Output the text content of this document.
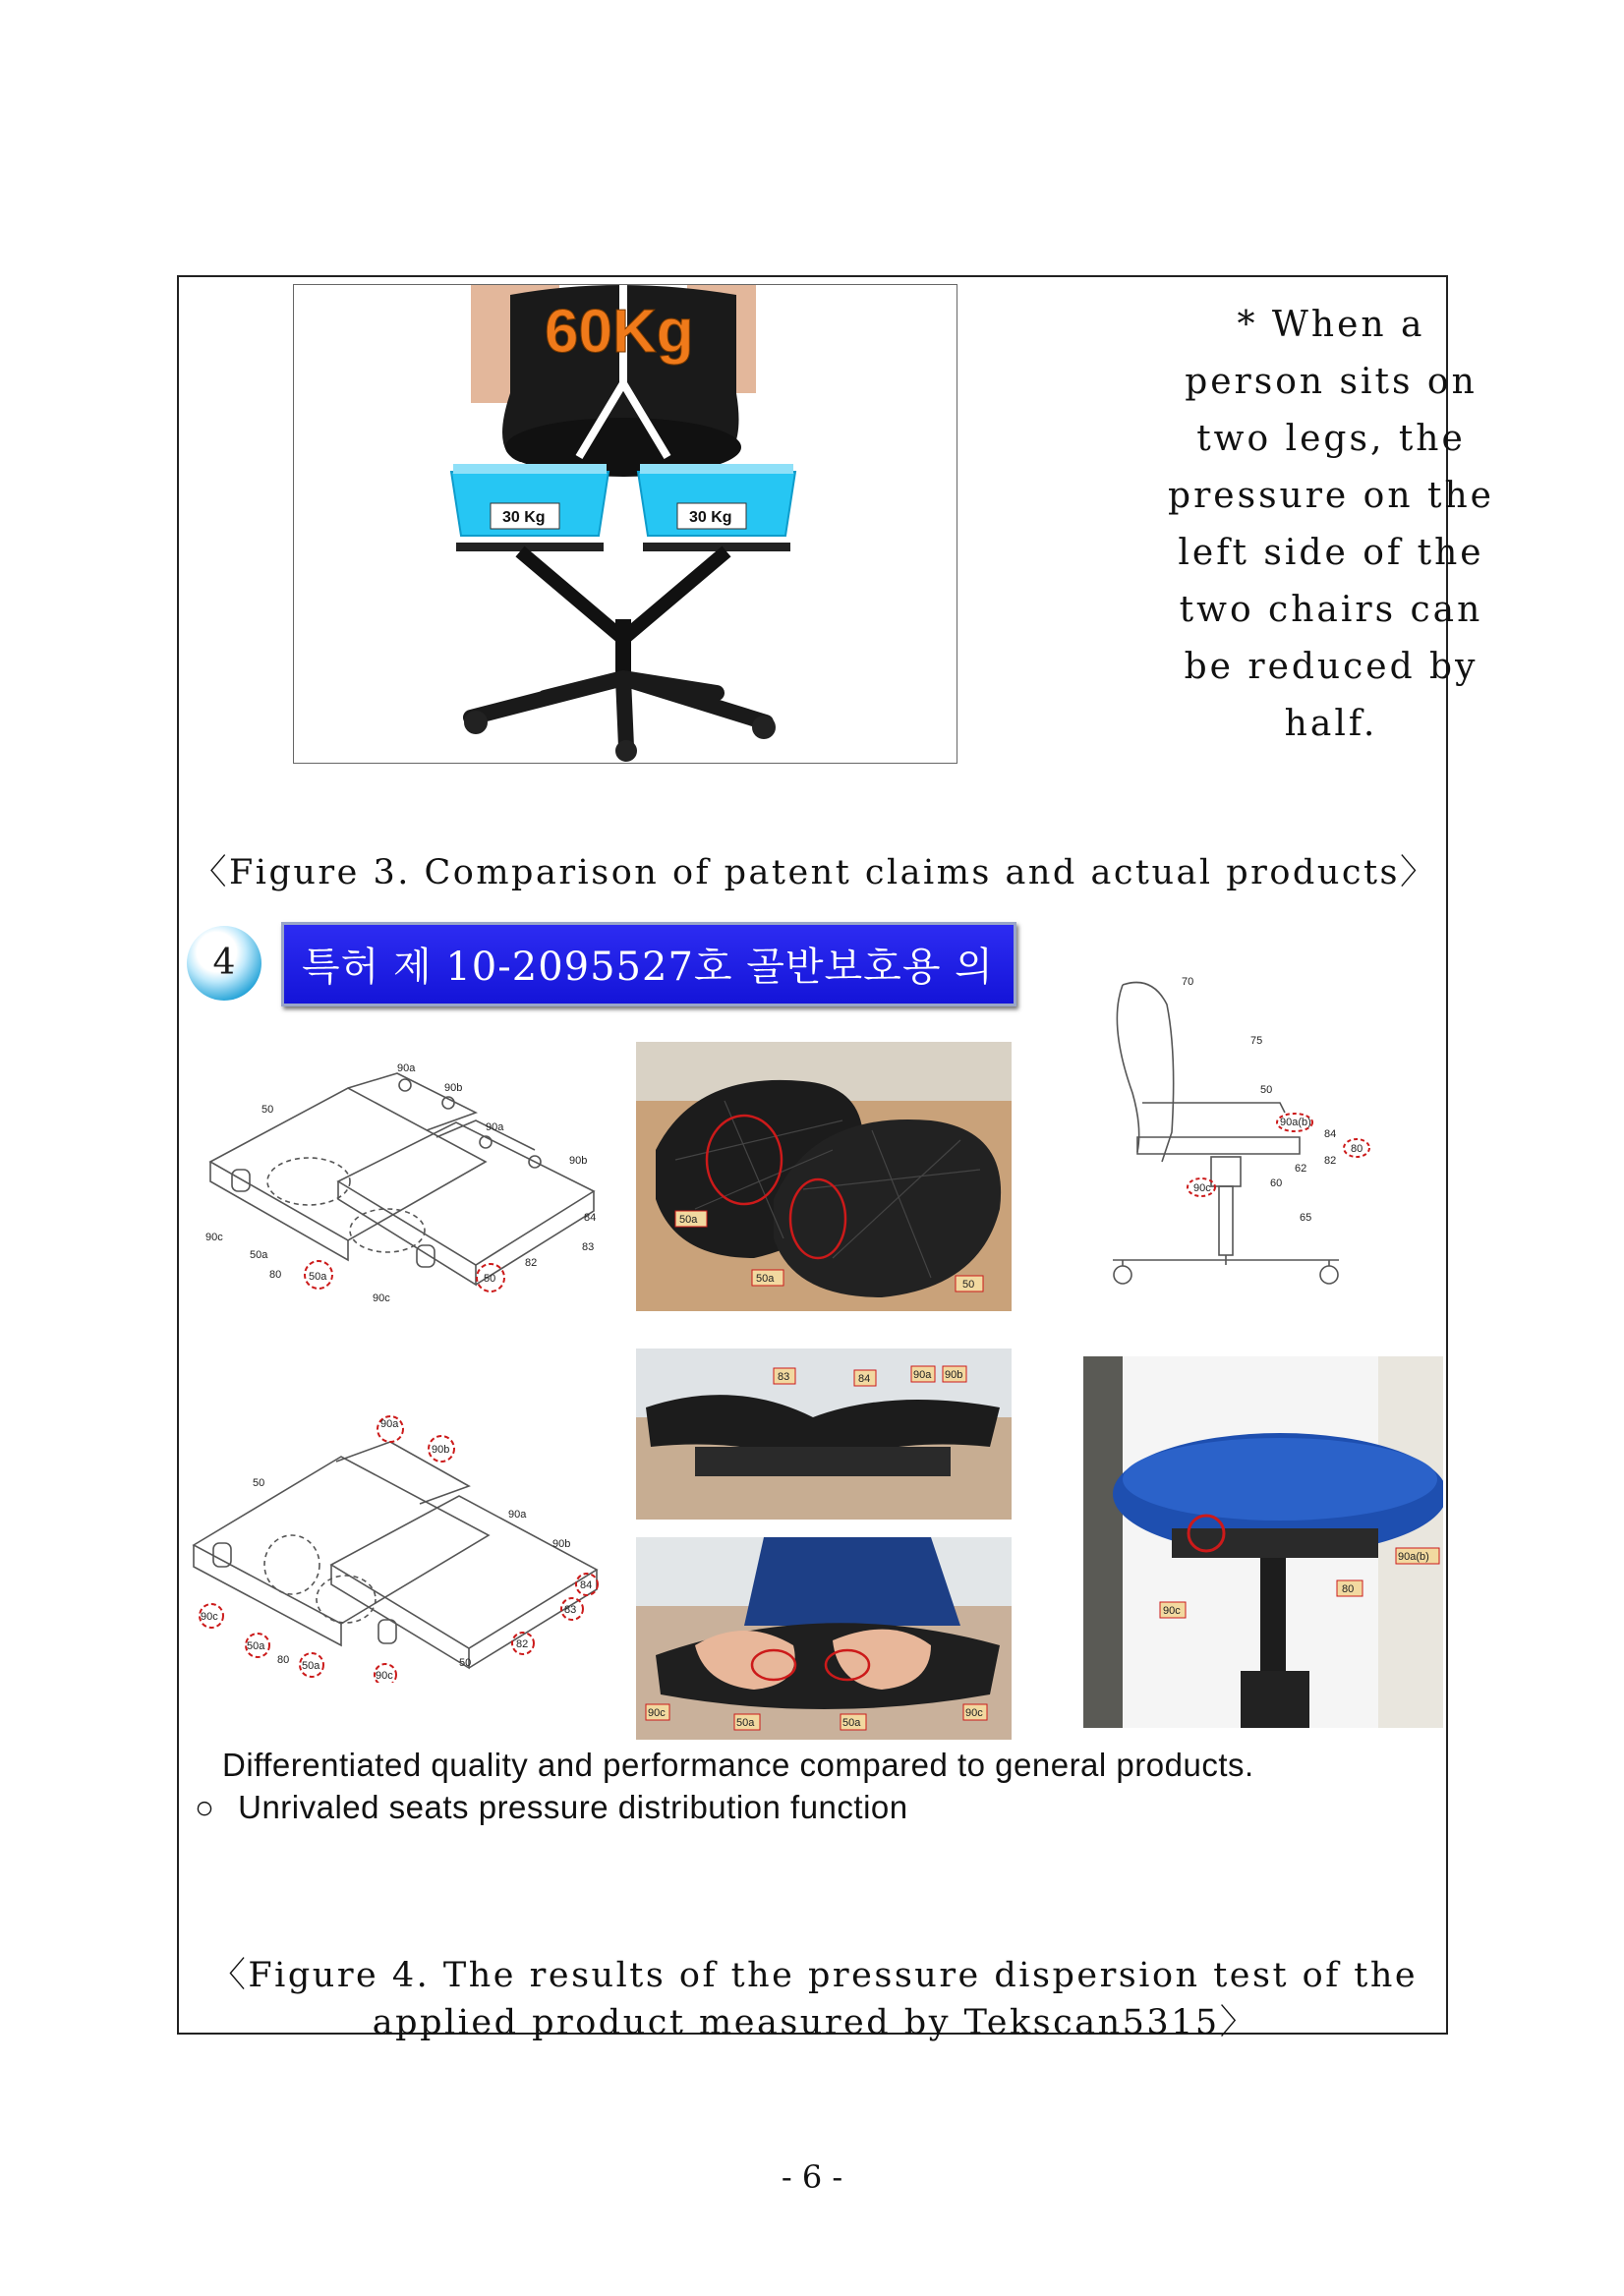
60Kg
30 Kg	30 Kg
* When a
person sits on
two legs, the
pressure on the
left side of the
two chairs can
be reduced by
half.
〈Figure 3. Comparison of patent claims and actual products〉
4	특허 제 10-2095527호 골반보호용 의자	90a
90b
50
90a
90b
84
83
90c
50a
80	50a
82
50
90c
50a
50a	50
70
75
50
90a(b)
84
80
82
62
60
90c
65
90a
90b
50
90a
90b
84
90c
83
50a
80 50a
90c
82
50
83	84	90a 90b
90c
50a	50a
90c
90a(b)
90c
80
Differentiated quality and performance compared to general products.
○ Unrivaled seats pressure distribution function
〈Figure 4. The results of the pressure dispersion test of the
applied product measured by Tekscan5315〉
- 6 -
